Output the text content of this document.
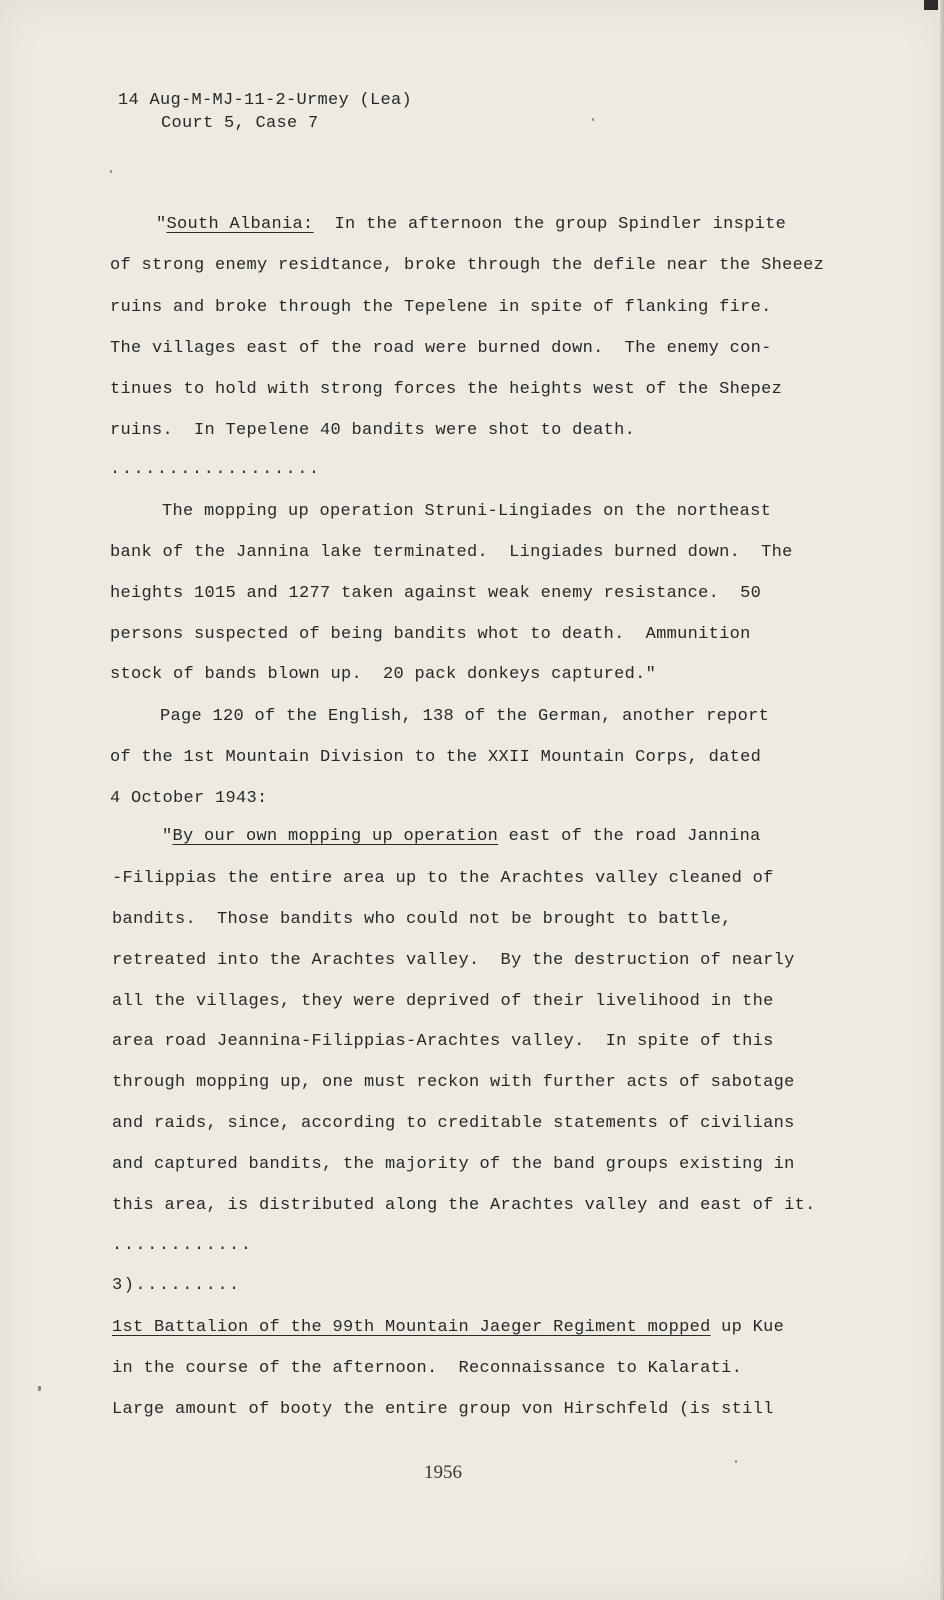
14 Aug-M-MJ-11-2-Urmey (Lea)
Court 5, Case 7
"South Albania:  In the afternoon the group Spindler inspite
of strong enemy residtance, broke through the defile near the Sheeez
ruins and broke through the Tepelene in spite of flanking fire.
The villages east of the road were burned down.  The enemy con-
tinues to hold with strong forces the heights west of the Shepez
ruins.  In Tepelene 40 bandits were shot to death.
..................
The mopping up operation Struni-Lingiades on the northeast
bank of the Jannina lake terminated.  Lingiades burned down.  The
heights 1015 and 1277 taken against weak enemy resistance.  50
persons suspected of being bandits whot to death.  Ammunition
stock of bands blown up.  20 pack donkeys captured."
Page 120 of the English, 138 of the German, another report
of the 1st Mountain Division to the XXII Mountain Corps, dated
4 October 1943:
"By our own mopping up operation east of the road Jannina
-Filippias the entire area up to the Arachtes valley cleaned of
bandits.  Those bandits who could not be brought to battle,
retreated into the Arachtes valley.  By the destruction of nearly
all the villages, they were deprived of their livelihood in the
area road Jeannina-Filippias-Arachtes valley.  In spite of this
through mopping up, one must reckon with further acts of sabotage
and raids, since, according to creditable statements of civilians
and captured bandits, the majority of the band groups existing in
this area, is distributed along the Arachtes valley and east of it.
............
3).........
1st Battalion of the 99th Mountain Jaeger Regiment mopped up Kue
in the course of the afternoon.  Reconnaissance to Kalarati.
Large amount of booty the entire group von Hirschfeld (is still
1956
